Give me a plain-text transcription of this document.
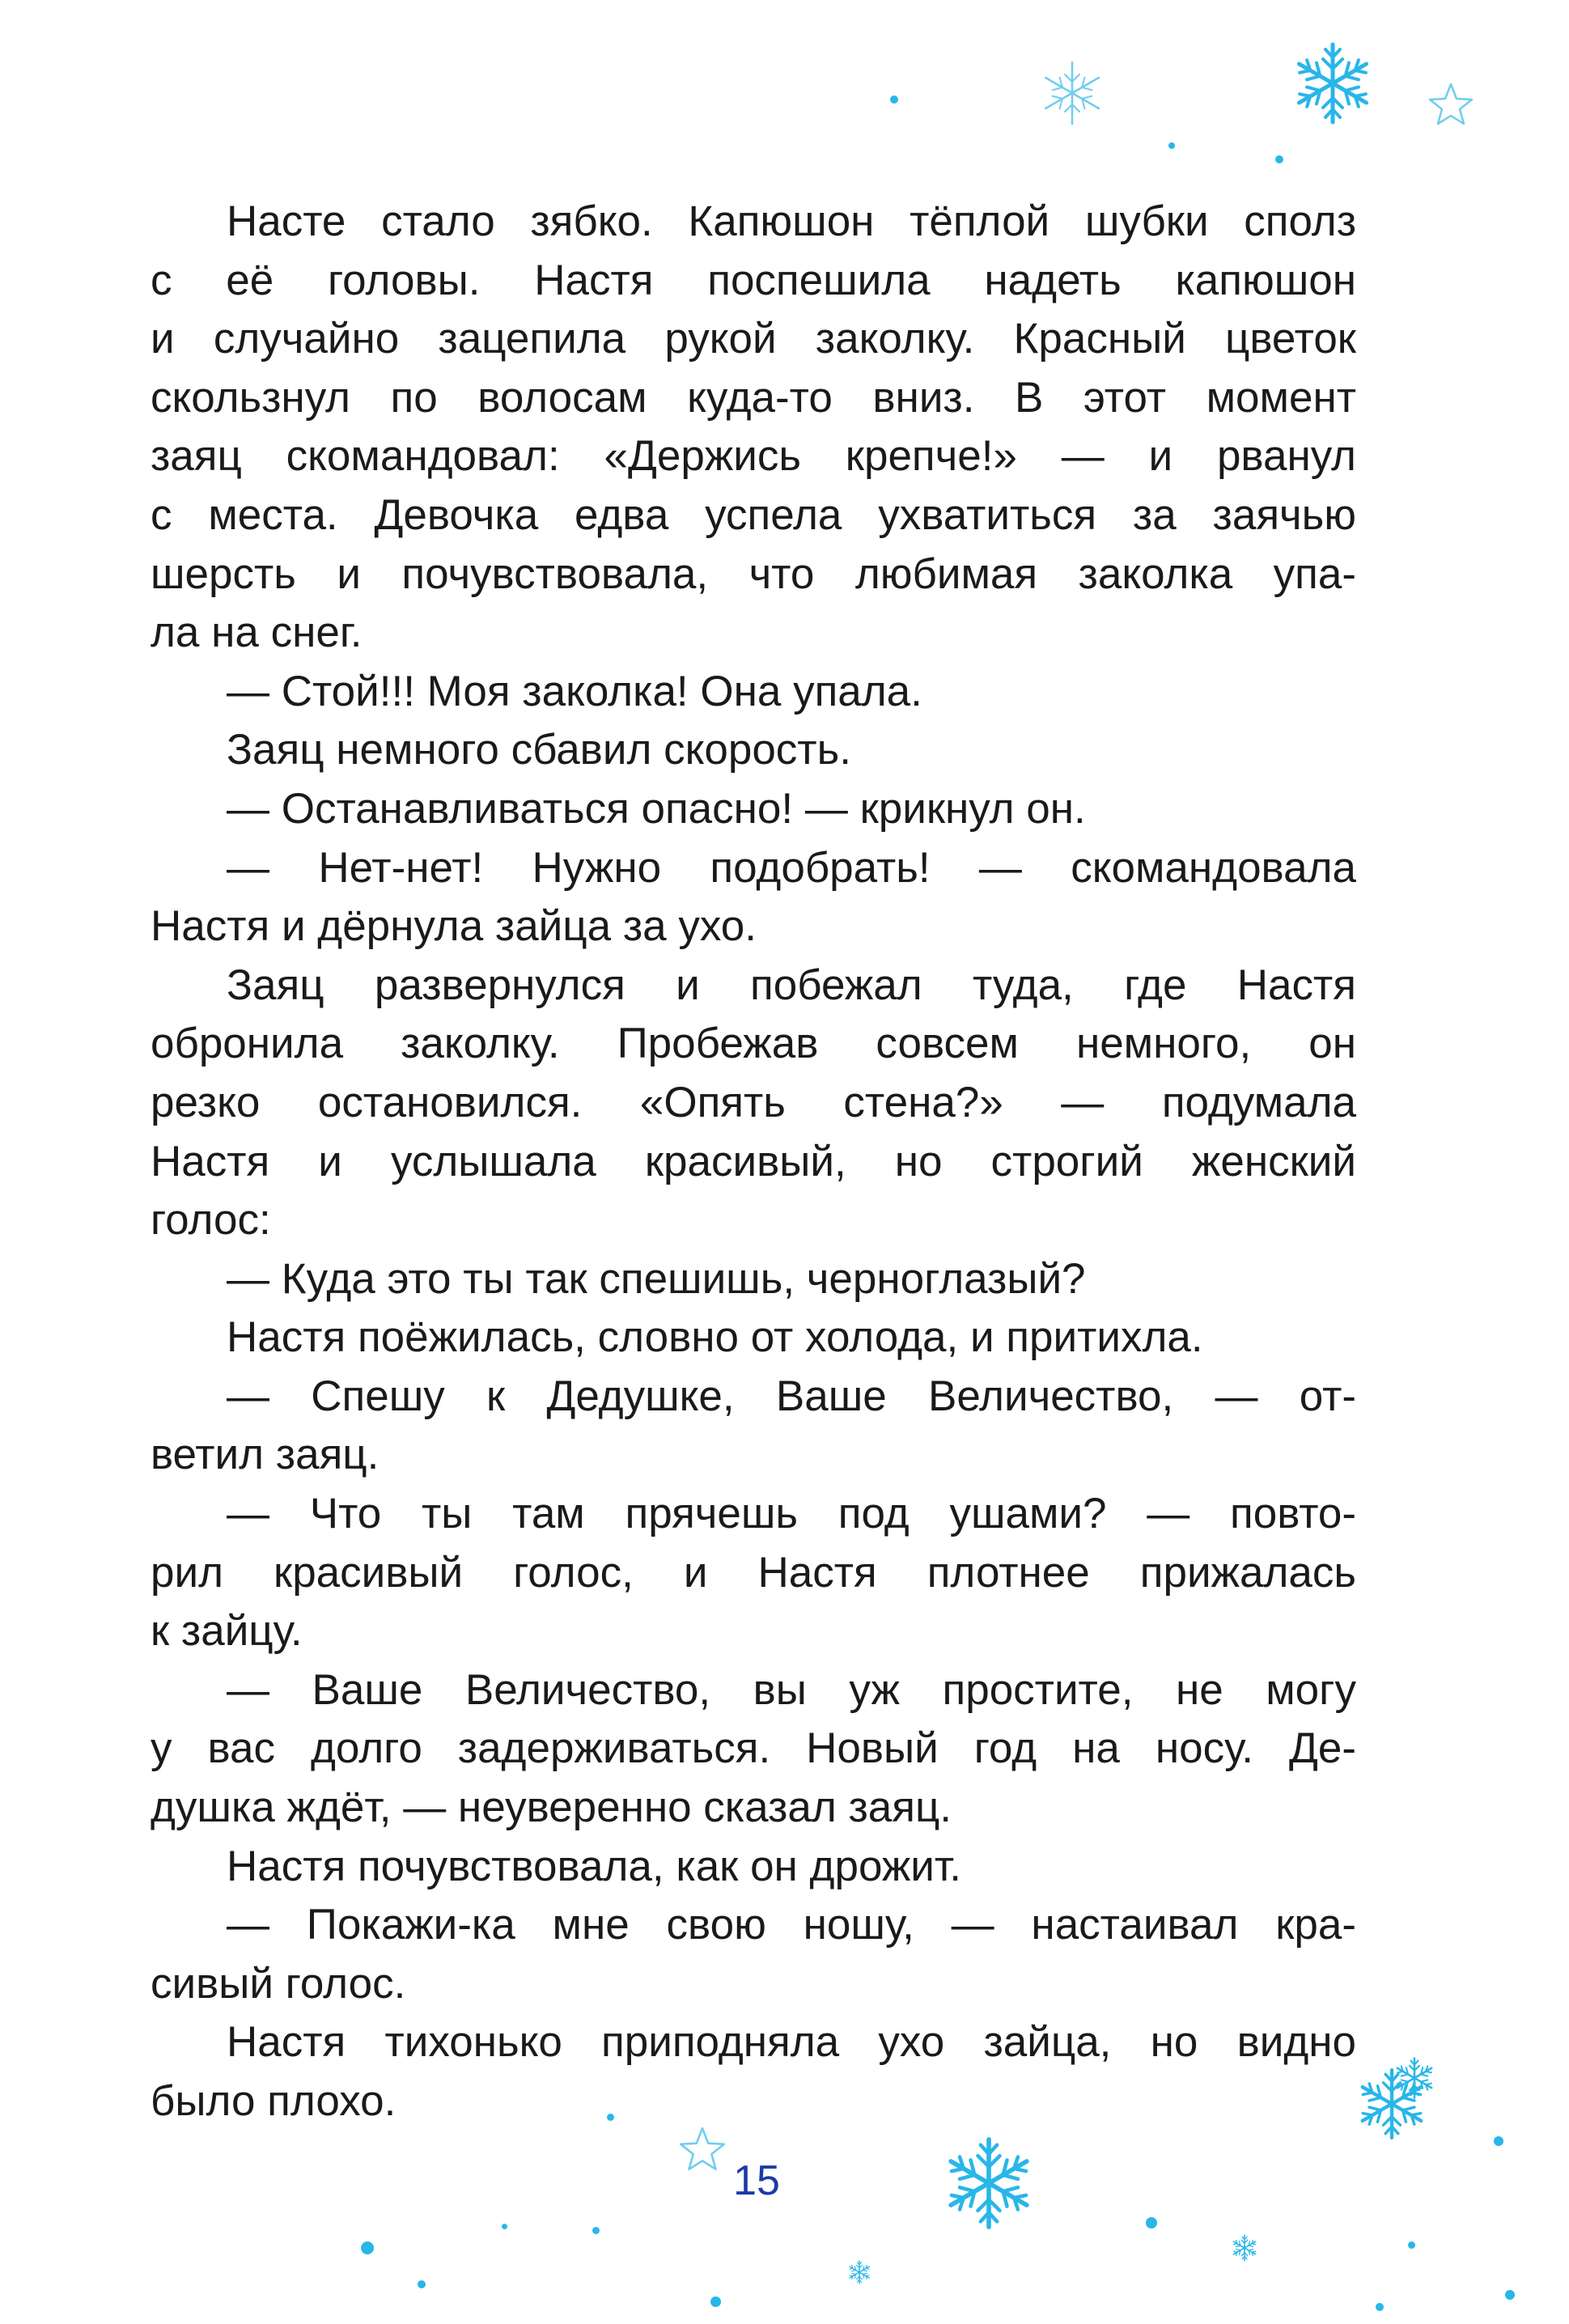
Насте стало зябко. Капюшон тёплой шубки сполз
с её головы. Настя поспешила надеть капюшон
и случайно зацепила рукой заколку. Красный цветок
скользнул по волосам куда-то вниз. В этот момент
заяц скомандовал: «Держись крепче!» — и рванул
с места. Девочка едва успела ухватиться за заячью
шерсть и почувствовала, что любимая заколка упа-
ла на снег.
— Стой!!! Моя заколка! Она упала.
Заяц немного сбавил скорость.
— Останавливаться опасно! — крикнул он.
— Нет-нет! Нужно подобрать! — скомандовала
Настя и дёрнула зайца за ухо.
Заяц развернулся и побежал туда, где Настя
обронила заколку. Пробежав совсем немного, он
резко остановился. «Опять стена?» — подумала
Настя и услышала красивый, но строгий женский
голос:
— Куда это ты так спешишь, черноглазый?
Настя поёжилась, словно от холода, и притихла.
— Спешу к Дедушке, Ваше Величество, — от-
ветил заяц.
— Что ты там прячешь под ушами? — повто-
рил красивый голос, и Настя плотнее прижалась
к зайцу.
— Ваше Величество, вы уж простите, не могу
у вас долго задерживаться. Новый год на носу. Де-
душка ждёт, — неуверенно сказал заяц.
Настя почувствовала, как он дрожит.
— Покажи-ка мне свою ношу, — настаивал кра-
сивый голос.
Настя тихонько приподняла ухо зайца, но видно
было плохо.
15
